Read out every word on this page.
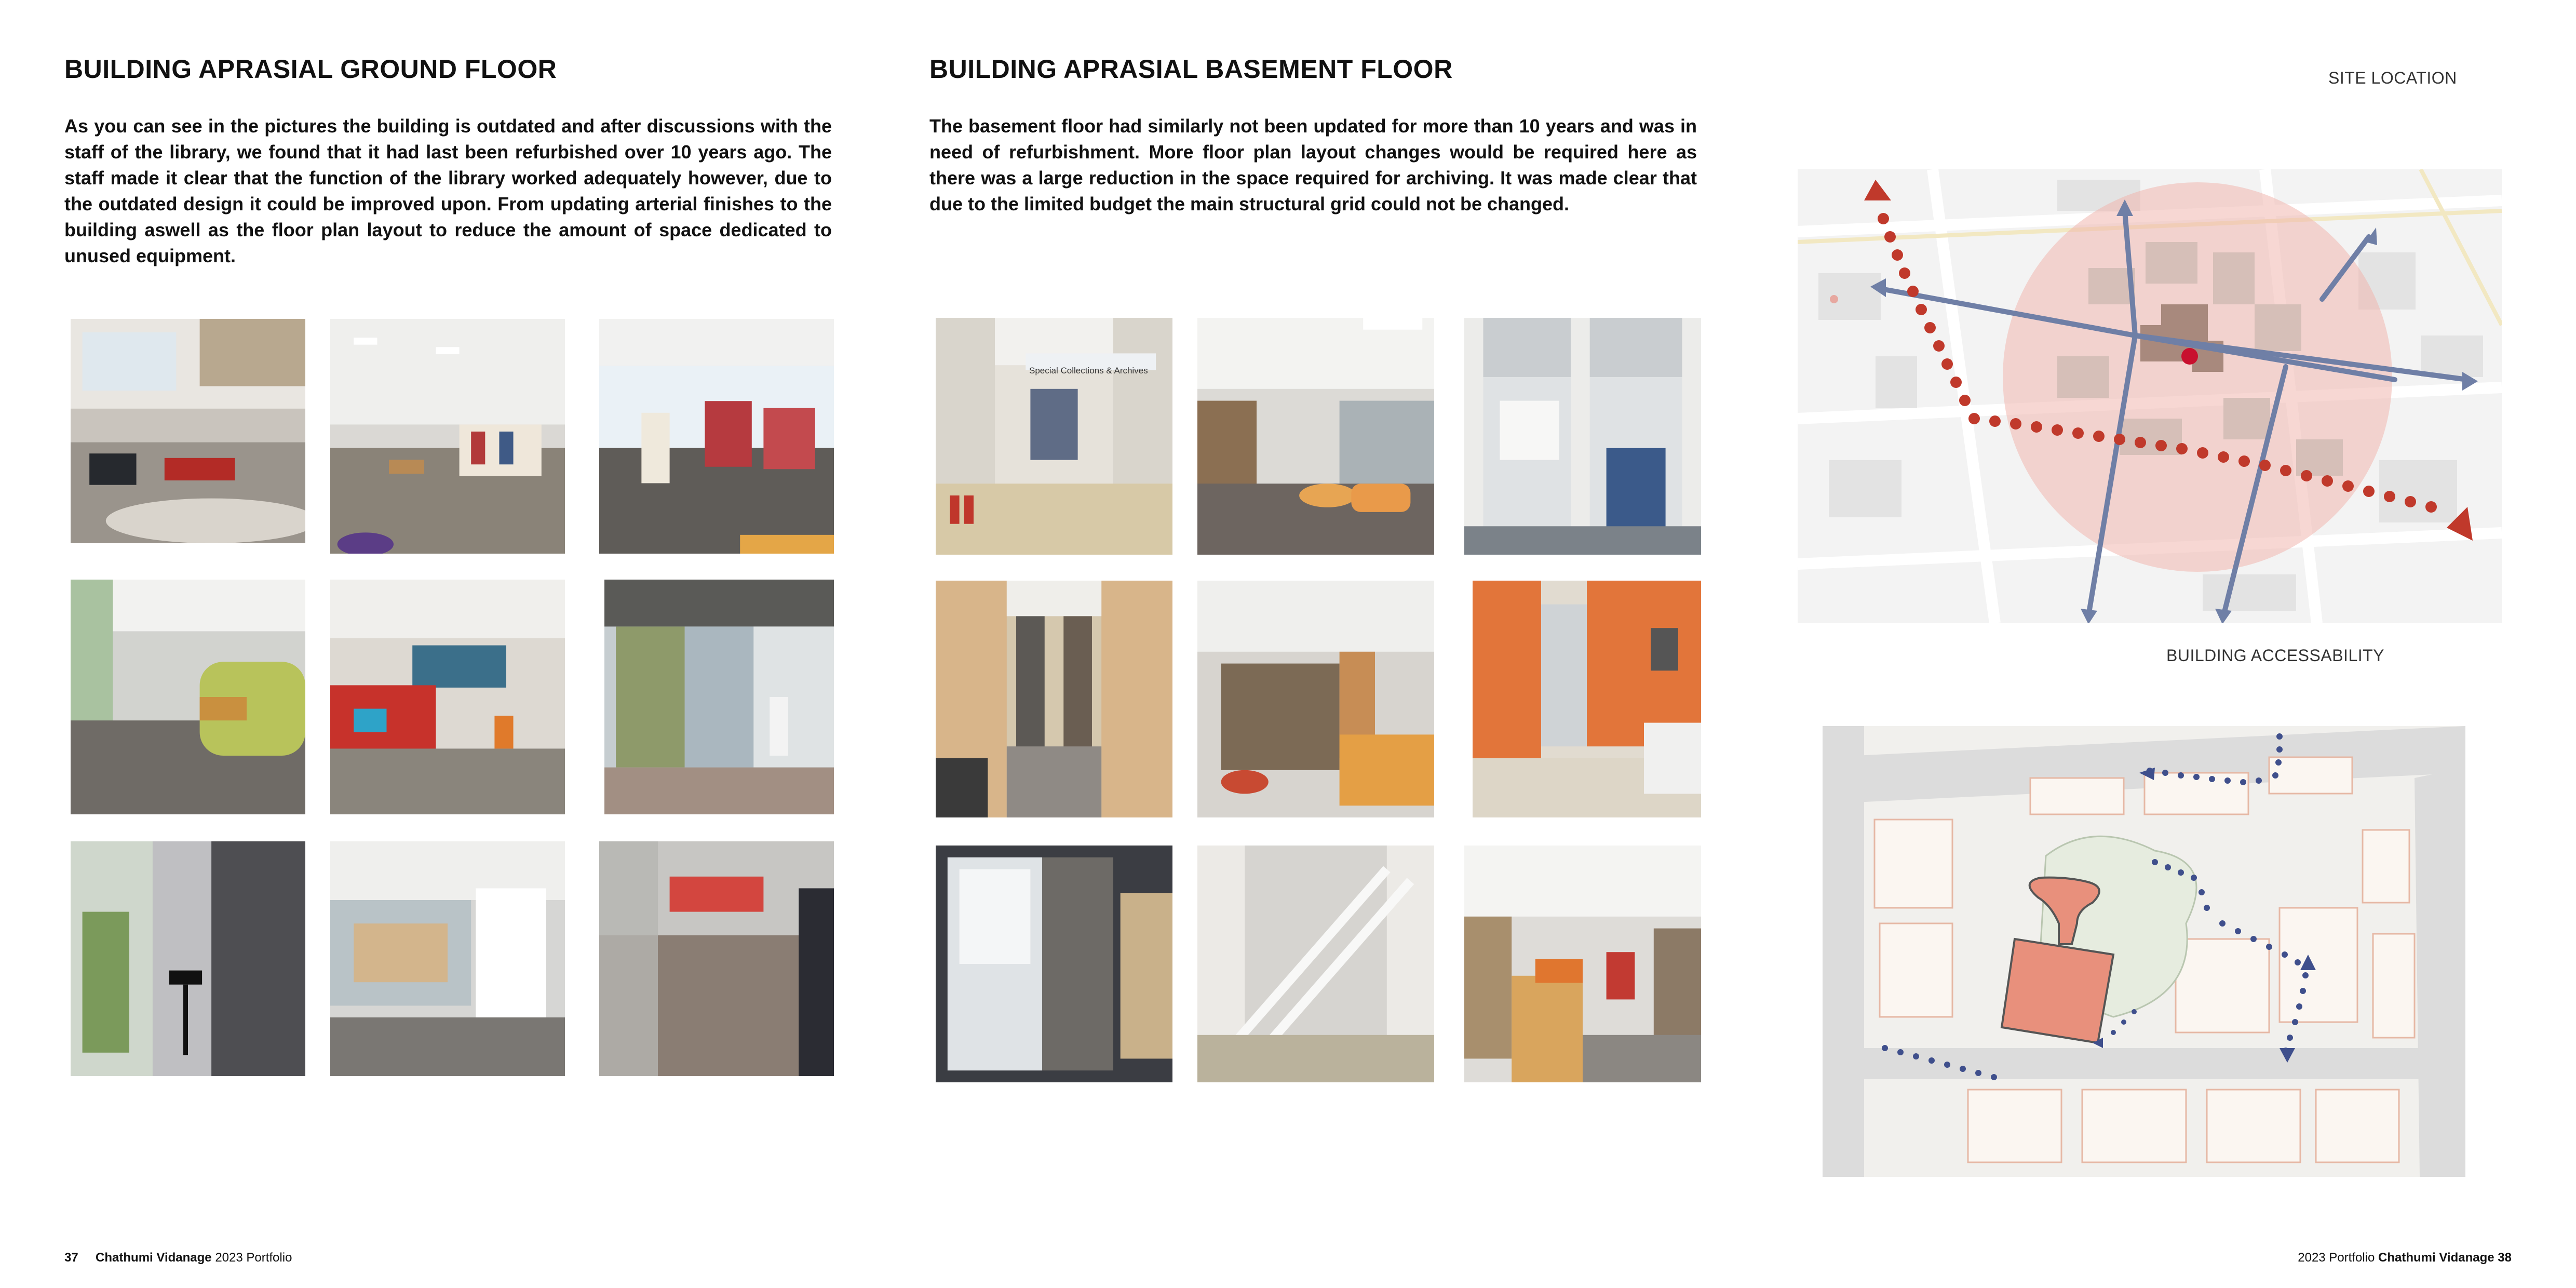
BUILDING APRASIAL GROUND FLOOR

As you can see in the pictures the building is outdated and after discussions with the staff of the library, we found that it had last been refurbished over 10 years ago. The staff made it clear that the function of the library worked adequately however, due to the outdated design it could be improved upon. From updating arterial finishes to the building aswell as the floor plan layout to reduce the amount of space dedicated to unused equipment.

BUILDING APRASIAL BASEMENT FLOOR

The basement floor had similarly not been updated for more than 10 years and was in need of refurbishment. More floor plan layout changes would be required here as there was a large reduction in the space required for archiving. It was made clear that due to the limited budget the main structural grid could not be changed.

Special Collections & Archives
SITE LOCATION
BUILDING ACCESSABILITY
37 Chathumi Vidanage 2023 Portfolio	2023 Portfolio Chathumi Vidanage 38
